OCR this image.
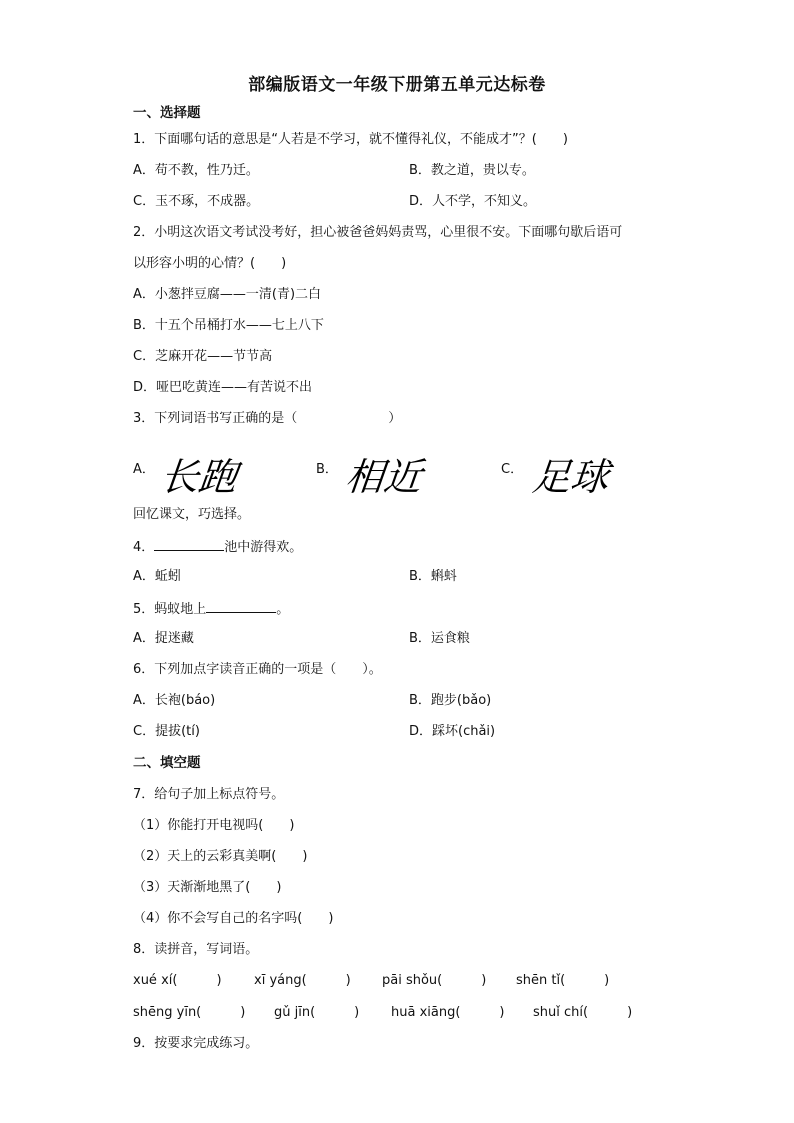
部编版语文一年级下册第五单元达标卷
一、选择题
1．下面哪句话的意思是“人若是不学习，就不懂得礼仪，不能成才”？(　　)
A．苟不教，性乃迁。	B．教之道，贵以专。
C．玉不琢，不成器。	D．人不学，不知义。
2．小明这次语文考试没考好，担心被爸爸妈妈责骂，心里很不安。下面哪句歇后语可
以形容小明的心情？(　　)
A．小葱拌豆腐——一清(青)二白
B．十五个吊桶打水——七上八下
C．芝麻开花——节节高
D．哑巴吃黄连——有苦说不出
3．下列词语书写正确的是（　　　　　　　）
A． 长跑	B． 相近	C． 足球
回忆课文，巧选择。
4．	池中游得欢。
A．蚯蚓	B．蝌蚪
5．蚂蚁地上	。
A．捉迷藏	B．运食粮
6．下列加点字读音正确的一项是（　　）。
A．长袍(báo)	B．跑步(bǎo)
C．提拔(tí)	D．踩坏(chǎi)
二、填空题
7．给句子加上标点符号。
（1）你能打开电视吗(　　)
（2）天上的云彩真美啊(　　)
（3）天渐渐地黑了(　　)
（4）你不会写自己的名字吗(　　)
8．读拼音，写词语。
xué xí(　　　) xī yáng(　　　) pāi shǒu(　　　) shēn tǐ(　　　)
shēng yīn(　　　) gǔ jīn(　　　) huā xiāng(　　　) shuǐ chí(　　　)
9．按要求完成练习。
